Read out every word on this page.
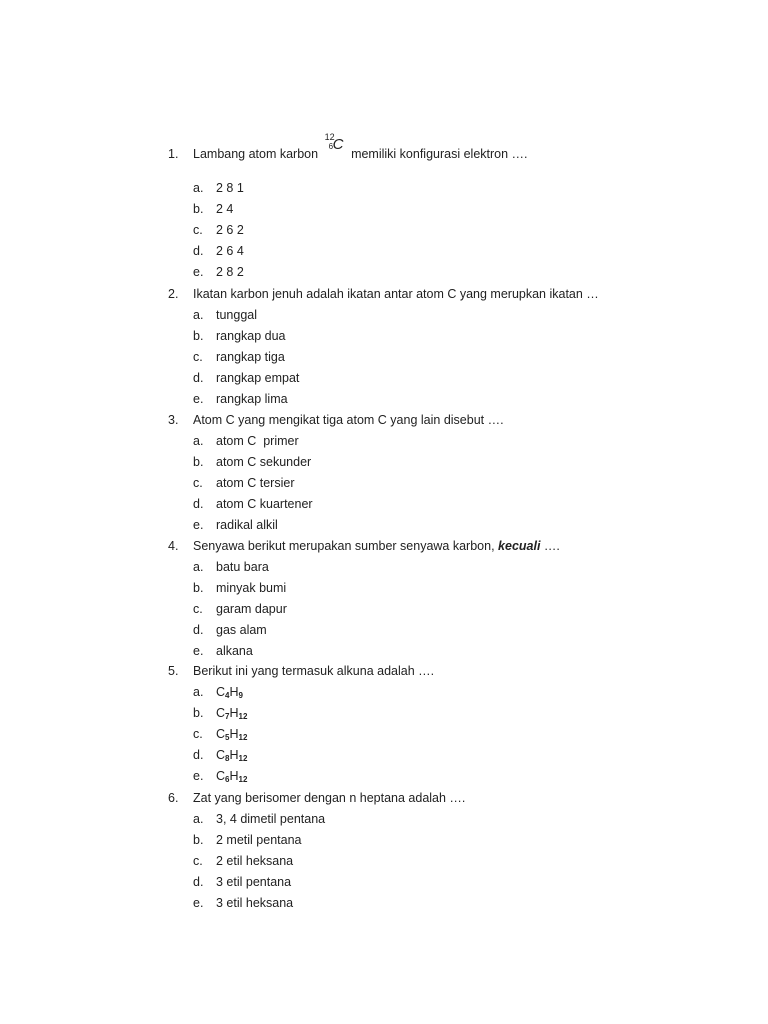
1. Lambang atom karbon
12
6 C
memiliki konfigurasi elektron ….
a. 2 8 1
b. 2 4
c. 2 6 2
d. 2 6 4
e. 2 8 2
2. Ikatan karbon jenuh adalah ikatan antar atom C yang merupkan ikatan …
a. tunggal
b. rangkap dua
c. rangkap tiga
d. rangkap empat
e. rangkap lima
3. Atom C yang mengikat tiga atom C yang lain disebut ….
a. atom C  primer
b. atom C sekunder
c. atom C tersier
d. atom C kuartener
e. radikal alkil
4. Senyawa berikut merupakan sumber senyawa karbon, kecuali ….
a. batu bara
b. minyak bumi
c. garam dapur
d. gas alam
e. alkana
5. Berikut ini yang termasuk alkuna adalah ….
a. $C_4H_9$
b. $C_7H_{12}$
c. $C_5H_{12}$
d. $C_8H_{12}$
e. $C_6H_{12}$
6. Zat yang berisomer dengan n heptana adalah ….
a. 3, 4 dimetil pentana
b. 2 metil pentana
c. 2 etil heksana
d. 3 etil pentana
e. 3 etil heksana
